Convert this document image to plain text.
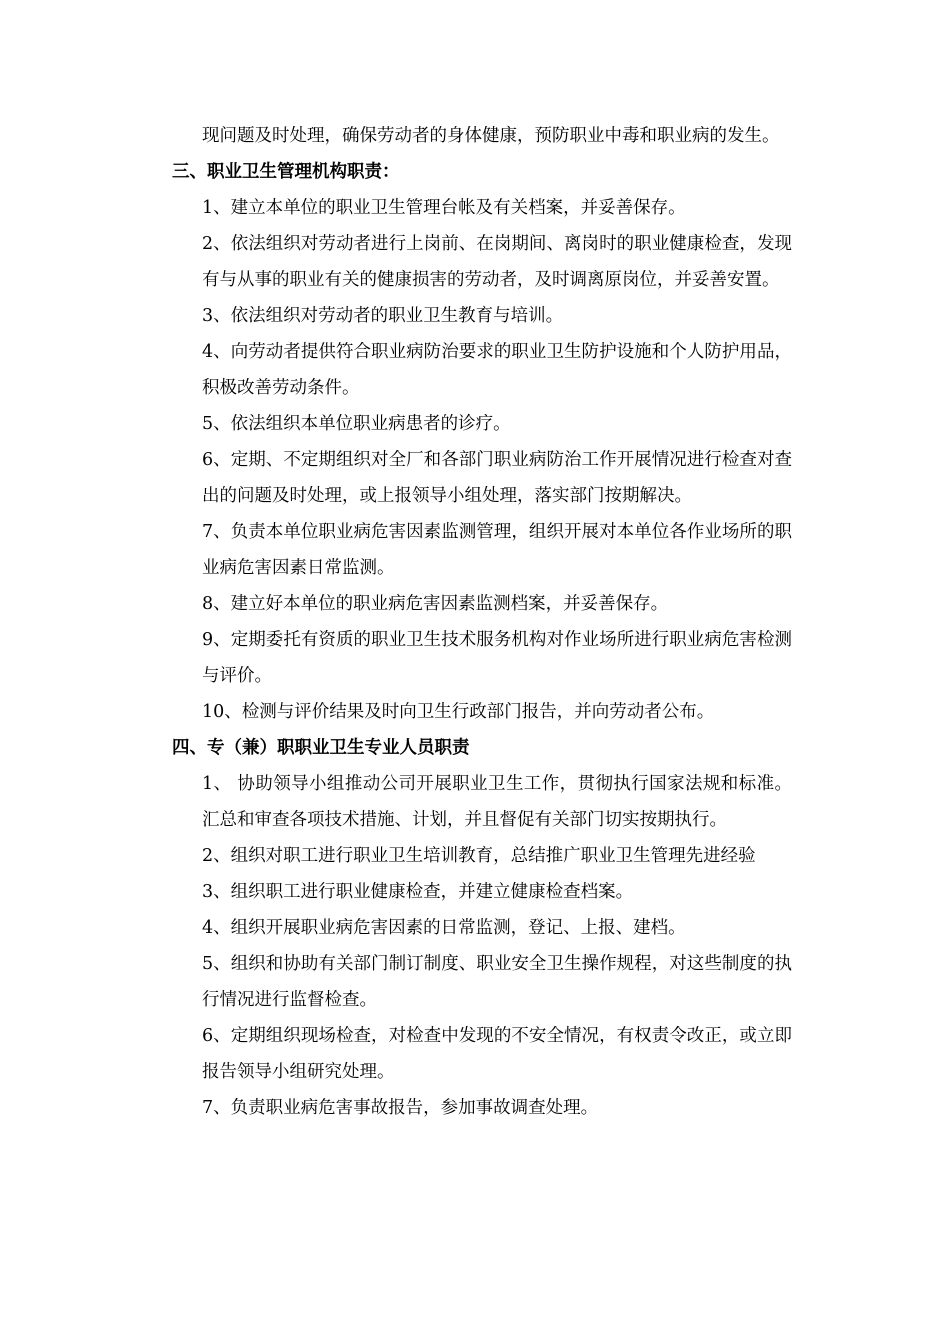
现问题及时处理，确保劳动者的身体健康，预防职业中毒和职业病的发生。

三、职业卫生管理机构职责：

1、建立本单位的职业卫生管理台帐及有关档案，并妥善保存。

2、依法组织对劳动者进行上岗前、在岗期间、离岗时的职业健康检查，发现有与从事的职业有关的健康损害的劳动者，及时调离原岗位，并妥善安置。

3、依法组织对劳动者的职业卫生教育与培训。

4、向劳动者提供符合职业病防治要求的职业卫生防护设施和个人防护用品，积极改善劳动条件。

5、依法组织本单位职业病患者的诊疗。

6、定期、不定期组织对全厂和各部门职业病防治工作开展情况进行检查对查出的问题及时处理，或上报领导小组处理，落实部门按期解决。

7、负责本单位职业病危害因素监测管理，组织开展对本单位各作业场所的职业病危害因素日常监测。

8、建立好本单位的职业病危害因素监测档案，并妥善保存。

9、定期委托有资质的职业卫生技术服务机构对作业场所进行职业病危害检测与评价。

10、检测与评价结果及时向卫生行政部门报告，并向劳动者公布。

四、专（兼）职职业卫生专业人员职责

1、 协助领导小组推动公司开展职业卫生工作，贯彻执行国家法规和标准。汇总和审查各项技术措施、计划，并且督促有关部门切实按期执行。

2、组织对职工进行职业卫生培训教育，总结推广职业卫生管理先进经验

3、组织职工进行职业健康检查，并建立健康检查档案。

4、组织开展职业病危害因素的日常监测，登记、上报、建档。

5、组织和协助有关部门制订制度、职业安全卫生操作规程，对这些制度的执行情况进行监督检查。

6、定期组织现场检查，对检查中发现的不安全情况，有权责令改正，或立即报告领导小组研究处理。

7、负责职业病危害事故报告，参加事故调查处理。
